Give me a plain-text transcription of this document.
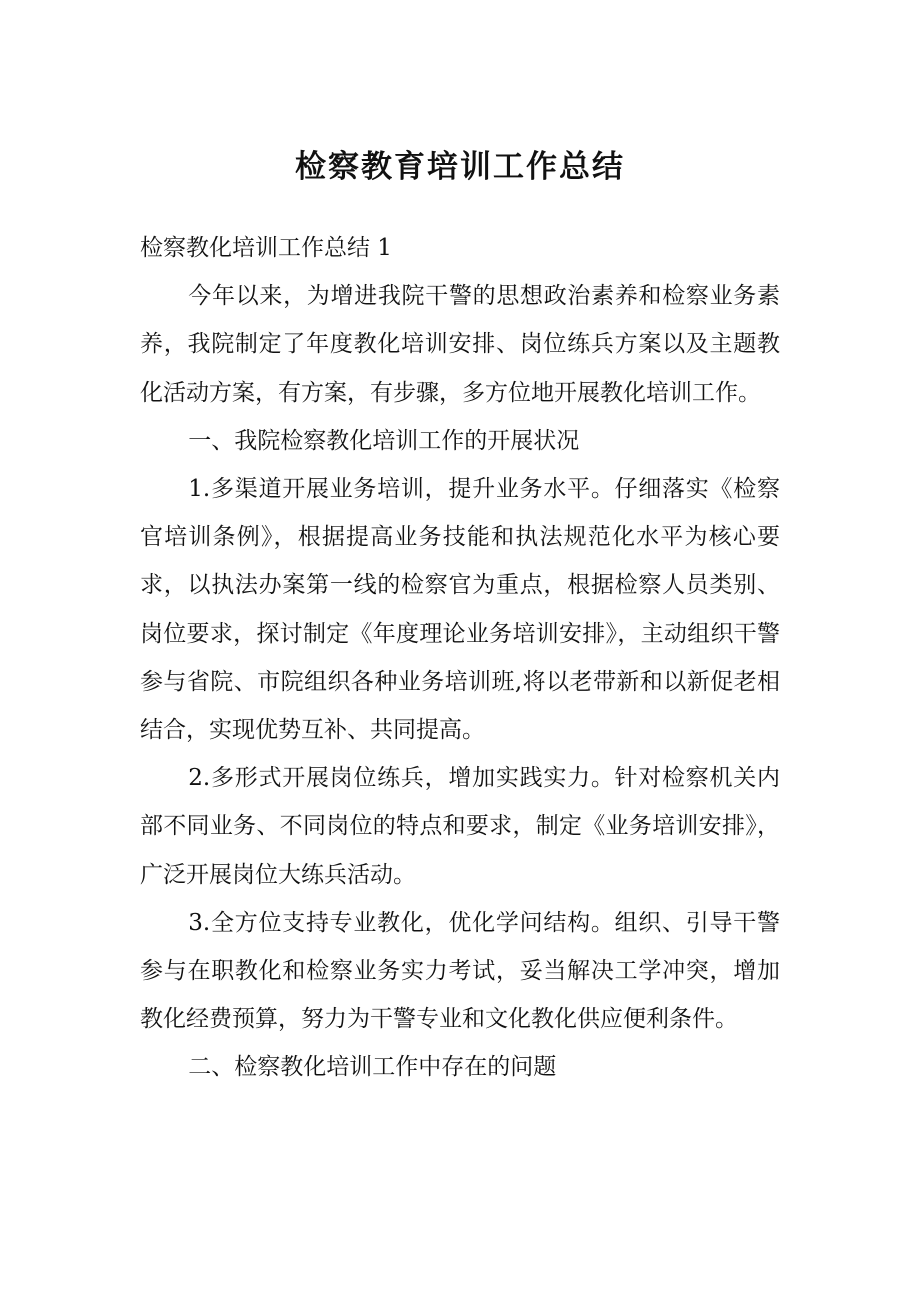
检察教育培训工作总结

检察教化培训工作总结 1

今年以来，为增进我院干警的思想政治素养和检察业务素养，我院制定了年度教化培训安排、岗位练兵方案以及主题教化活动方案，有方案，有步骤，多方位地开展教化培训工作。

一、我院检察教化培训工作的开展状况

1.多渠道开展业务培训，提升业务水平。仔细落实《检察官培训条例》，根据提高业务技能和执法规范化水平为核心要求，以执法办案第一线的检察官为重点，根据检察人员类别、岗位要求，探讨制定《年度理论业务培训安排》，主动组织干警参与省院、市院组织各种业务培训班,将以老带新和以新促老相结合，实现优势互补、共同提高。

2.多形式开展岗位练兵，增加实践实力。针对检察机关内部不同业务、不同岗位的特点和要求，制定《业务培训安排》，广泛开展岗位大练兵活动。

3.全方位支持专业教化，优化学问结构。组织、引导干警参与在职教化和检察业务实力考试，妥当解决工学冲突，增加教化经费预算，努力为干警专业和文化教化供应便利条件。

二、检察教化培训工作中存在的问题
